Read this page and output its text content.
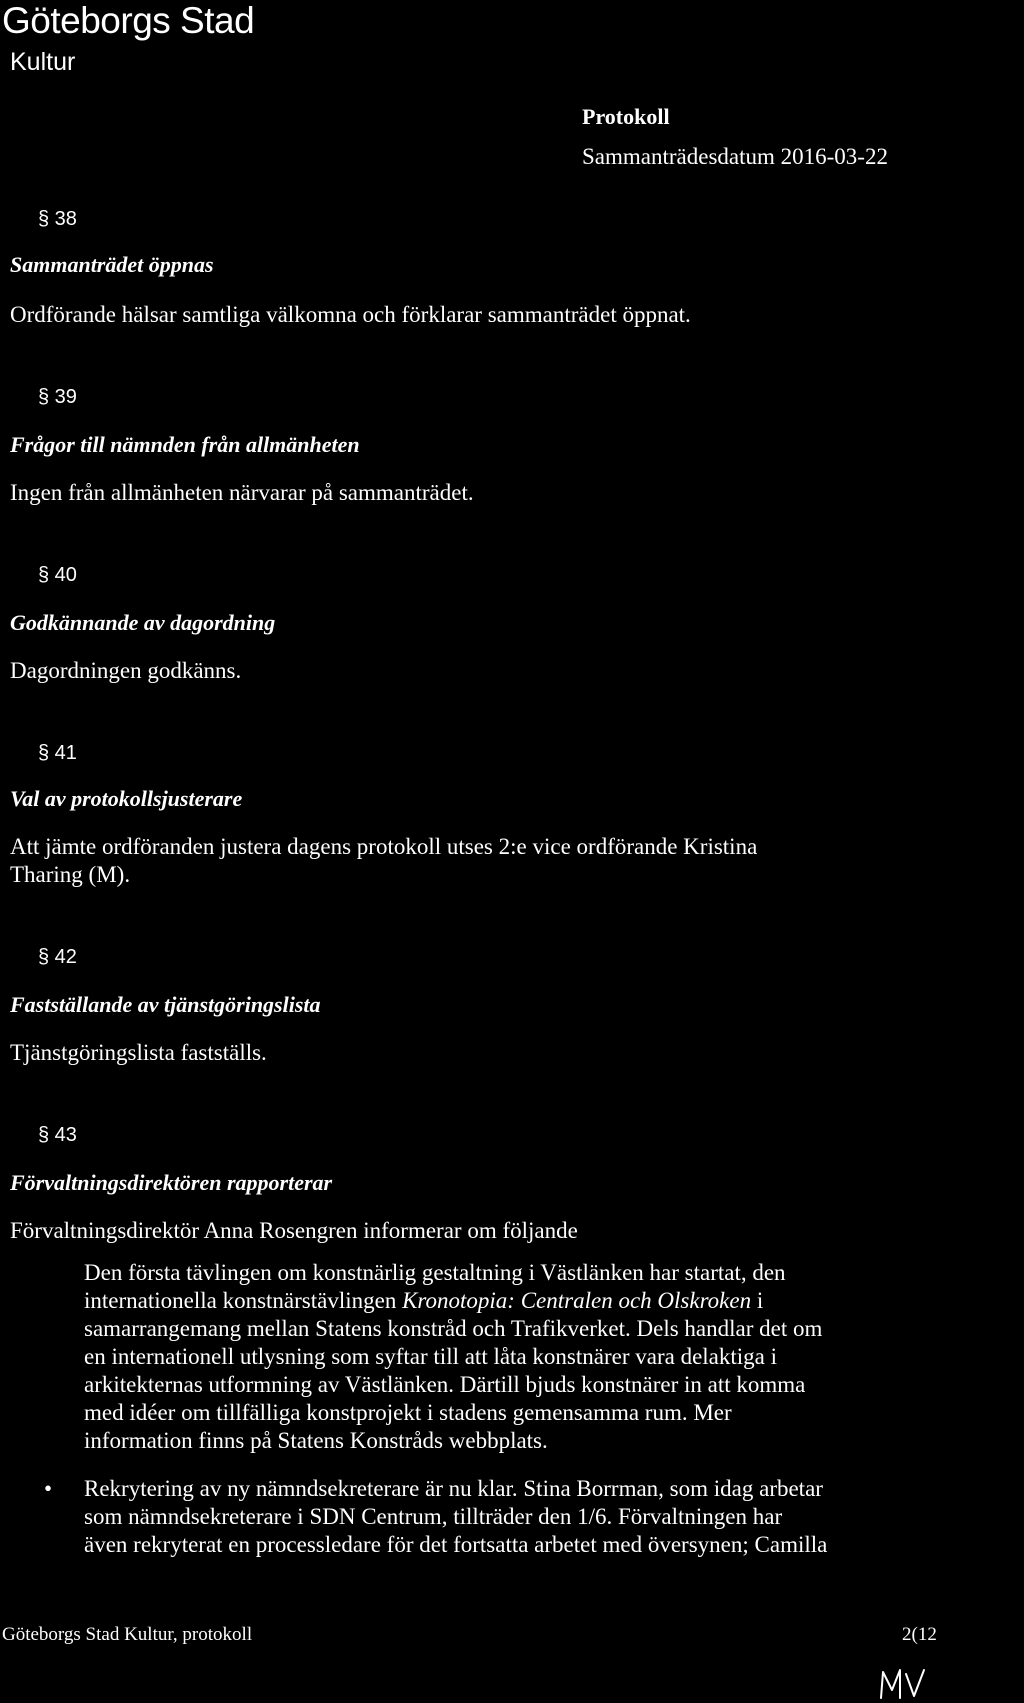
Göteborgs Stad
Kultur
Protokoll
Sammanträdesdatum 2016-03-22
§ 38
Sammanträdet öppnas
Ordförande hälsar samtliga välkomna och förklarar sammanträdet öppnat.
§ 39
Frågor till nämnden från allmänheten
Ingen från allmänheten närvarar på sammanträdet.
§ 40
Godkännande av dagordning
Dagordningen godkänns.
§ 41
Val av protokollsjusterare
Att jämte ordföranden justera dagens protokoll utses 2:e vice ordförande Kristina
Tharing (M).
§ 42
Fastställande av tjänstgöringslista
Tjänstgöringslista fastställs.
§ 43
Förvaltningsdirektören rapporterar
Förvaltningsdirektör Anna Rosengren informerar om följande
Den första tävlingen om konstnärlig gestaltning i Västlänken har startat, den
internationella konstnärstävlingen Kronotopia: Centralen och Olskroken i
samarrangemang mellan Statens konstråd och Trafikverket. Dels handlar det om
en internationell utlysning som syftar till att låta konstnärer vara delaktiga i
arkitekternas utformning av Västlänken. Därtill bjuds konstnärer in att komma
med idéer om tillfälliga konstprojekt i stadens gemensamma rum. Mer
information finns på Statens Konstråds webbplats.
• Rekrytering av ny nämndsekreterare är nu klar. Stina Borrman, som idag arbetar
som nämndsekreterare i SDN Centrum, tillträder den 1/6. Förvaltningen har
även rekryterat en processledare för det fortsatta arbetet med översynen; Camilla
Göteborgs Stad Kultur, protokoll	2(12
